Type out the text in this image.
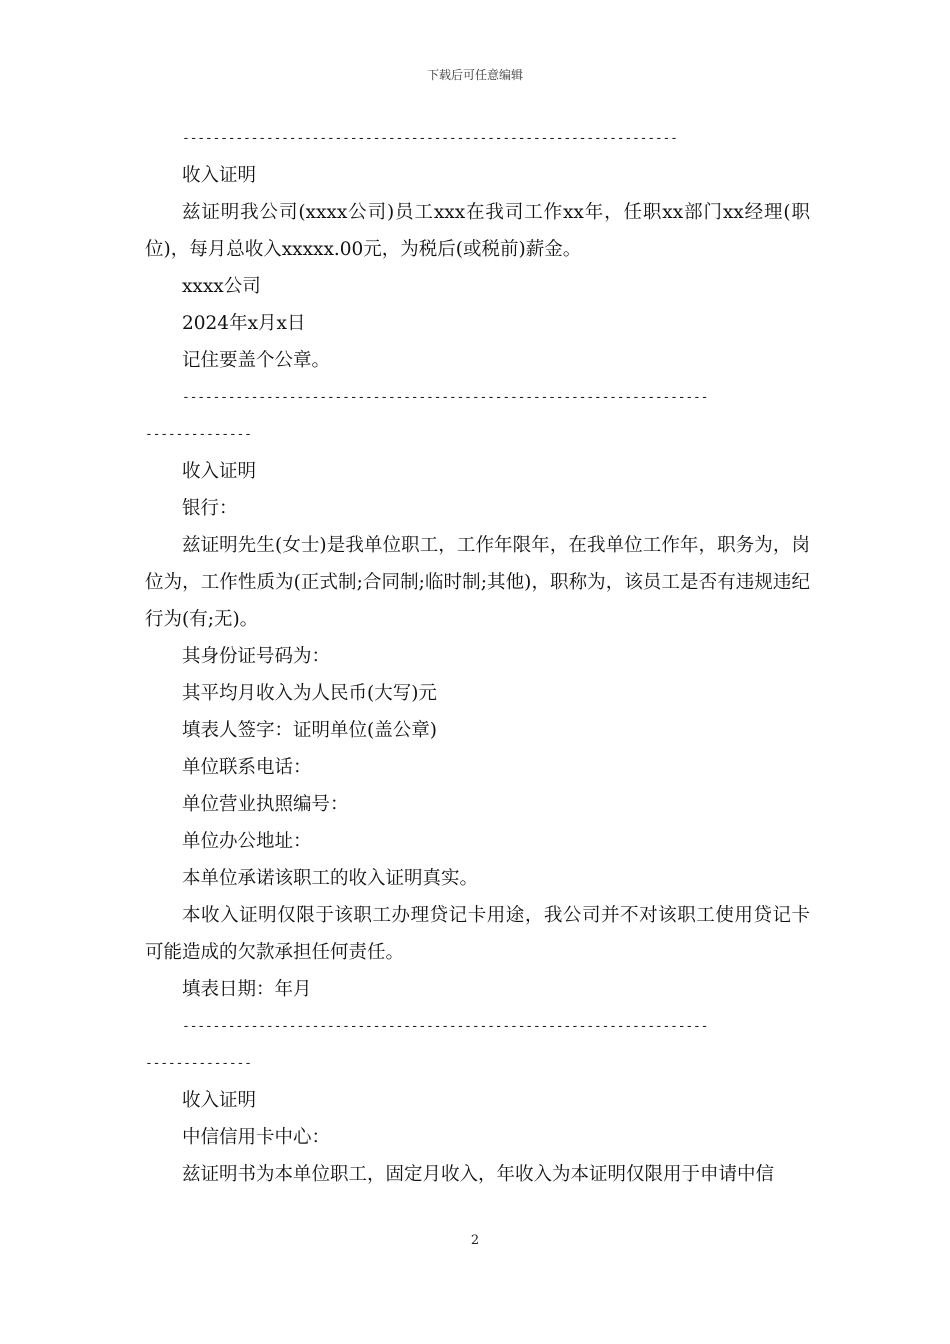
下载后可任意编辑
-----------------------------------------------------------------
收入证明
兹证明我公司(xxxx公司)员工xxx在我司工作xx年，任职xx部门xx经理(职位)，每月总收入xxxxx.00元，为税后(或税前)薪金。
xxxx公司
2024年x月x日
记住要盖个公章。
---------------------------------------------------------------------
--------------
收入证明
银行：
兹证明先生(女士)是我单位职工，工作年限年，在我单位工作年，职务为，岗位为，工作性质为(正式制;合同制;临时制;其他)，职称为，该员工是否有违规违纪行为(有;无)。
其身份证号码为：
其平均月收入为人民币(大写)元
填表人签字：证明单位(盖公章)
单位联系电话：
单位营业执照编号：
单位办公地址：
本单位承诺该职工的收入证明真实。
本收入证明仅限于该职工办理贷记卡用途，我公司并不对该职工使用贷记卡可能造成的欠款承担任何责任。
填表日期：年月
---------------------------------------------------------------------
--------------
收入证明
中信信用卡中心：
兹证明书为本单位职工，固定月收入，年收入为本证明仅限用于申请中信
2
